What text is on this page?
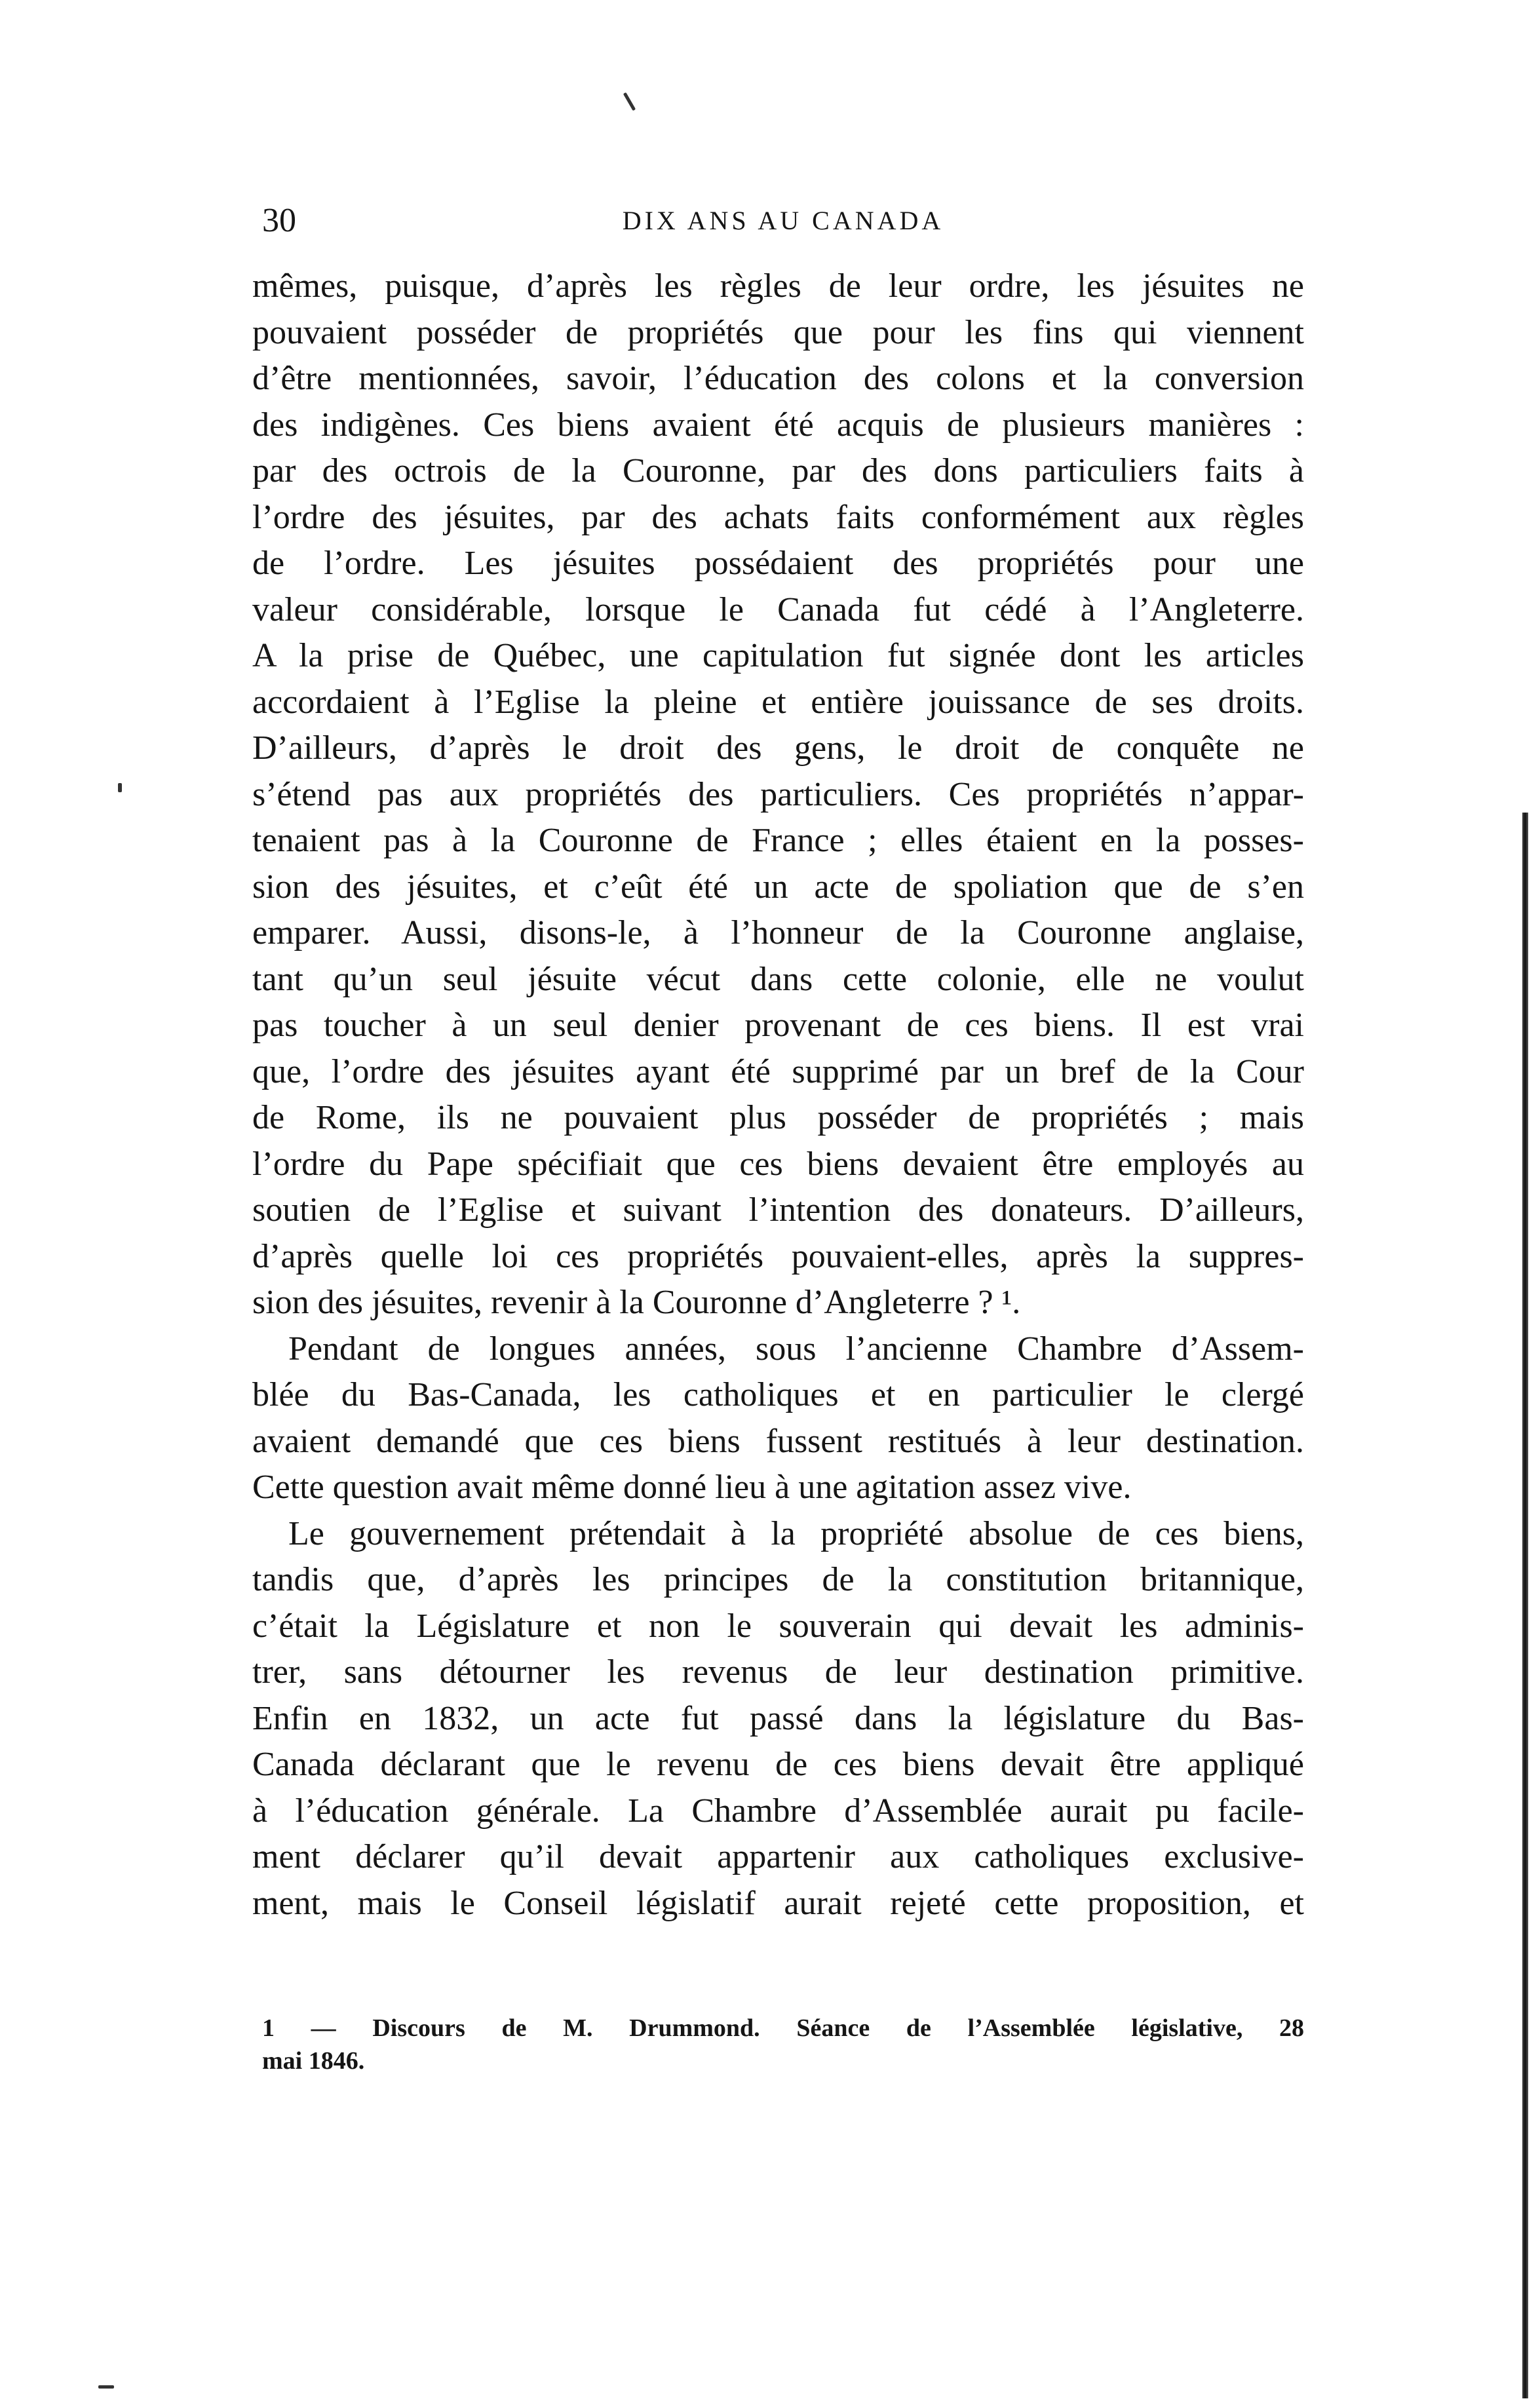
30	DIX ANS AU CANADA
mêmes, puisque, d’après les règles de leur ordre, les jésuites ne
pouvaient posséder de propriétés que pour les fins qui viennent
d’être mentionnées, savoir, l’éducation des colons et la conversion
des indigènes. Ces biens avaient été acquis de plusieurs manières :
par des octrois de la Couronne, par des dons particuliers faits à
l’ordre des jésuites, par des achats faits conformément aux règles
de l’ordre. Les jésuites possédaient des propriétés pour une
valeur considérable, lorsque le Canada fut cédé à l’Angleterre.
A la prise de Québec, une capitulation fut signée dont les articles
accordaient à l’Eglise la pleine et entière jouissance de ses droits.
D’ailleurs, d’après le droit des gens, le droit de conquête ne
s’étend pas aux propriétés des particuliers. Ces propriétés n’appar-
tenaient pas à la Couronne de France ; elles étaient en la posses-
sion des jésuites, et c’eût été un acte de spoliation que de s’en
emparer. Aussi, disons-le, à l’honneur de la Couronne anglaise,
tant qu’un seul jésuite vécut dans cette colonie, elle ne voulut
pas toucher à un seul denier provenant de ces biens. Il est vrai
que, l’ordre des jésuites ayant été supprimé par un bref de la Cour
de Rome, ils ne pouvaient plus posséder de propriétés ; mais
l’ordre du Pape spécifiait que ces biens devaient être employés au
soutien de l’Eglise et suivant l’intention des donateurs. D’ailleurs,
d’après quelle loi ces propriétés pouvaient-elles, après la suppres-
sion des jésuites, revenir à la Couronne d’Angleterre ? ¹.
Pendant de longues années, sous l’ancienne Chambre d’Assem-
blée du Bas-Canada, les catholiques et en particulier le clergé
avaient demandé que ces biens fussent restitués à leur destination.
Cette question avait même donné lieu à une agitation assez vive.
Le gouvernement prétendait à la propriété absolue de ces biens,
tandis que, d’après les principes de la constitution britannique,
c’était la Législature et non le souverain qui devait les adminis-
trer, sans détourner les revenus de leur destination primitive.
Enfin en 1832, un acte fut passé dans la législature du Bas-
Canada déclarant que le revenu de ces biens devait être appliqué
à l’éducation générale. La Chambre d’Assemblée aurait pu facile-
ment déclarer qu’il devait appartenir aux catholiques exclusive-
ment, mais le Conseil législatif aurait rejeté cette proposition, et
1 — Discours de M. Drummond. Séance de l’Assemblée législative, 28
mai 1846.
